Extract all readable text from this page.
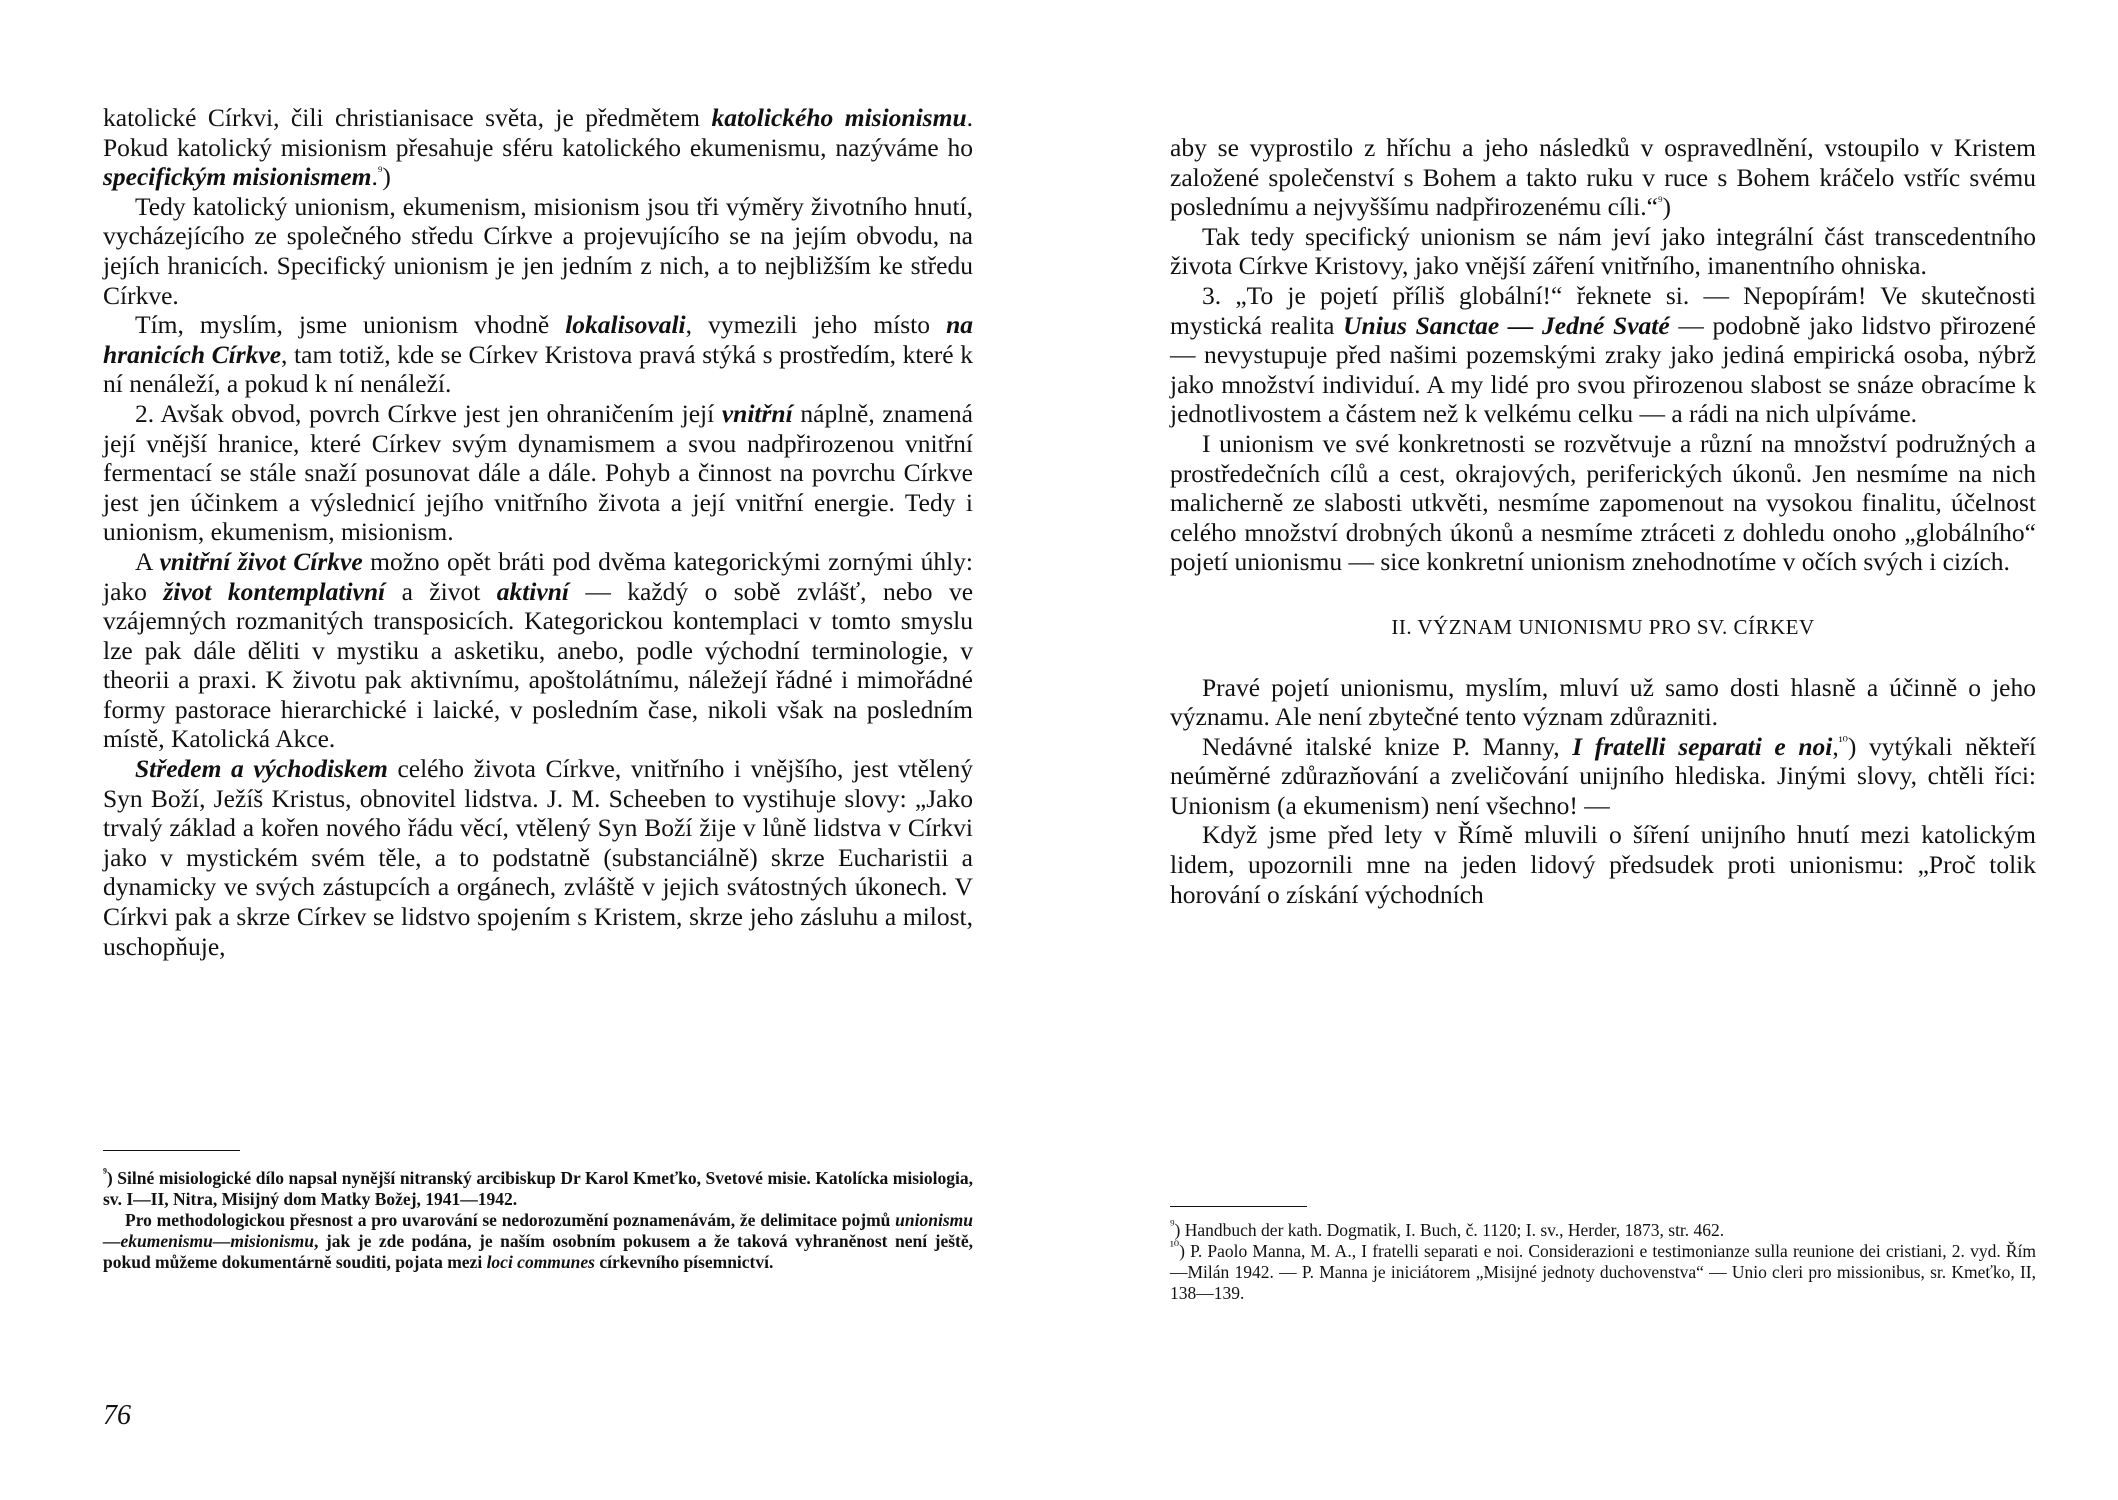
katolické Církvi, čili christianisace světa, je předmětem katolického misionismu. Pokud katolický misionism přesahuje sféru katolického ekumenismu, nazýváme ho specifickým misionismem.$^{^9}$)

Tedy katolický unionism, ekumenism, misionism jsou tři výměry životního hnutí, vycházejícího ze společného středu Církve a projevujícího se na jejím obvodu, na jejích hranicích. Specifický unionism je jen jedním z nich, a to nejbližším ke středu Církve.

Tím, myslím, jsme unionism vhodně lokalisovali, vymezili jeho místo na hranicích Církve, tam totiž, kde se Církev Kristova pravá stýká s prostředím, které k ní nenáleží, a pokud k ní nenáleží.

2. Avšak obvod, povrch Církve jest jen ohraničením její vnitřní náplně, znamená její vnější hranice, které Církev svým dynamismem a svou nadpřirozenou vnitřní fermentací se stále snaží posunovat dále a dále. Pohyb a činnost na povrchu Církve jest jen účinkem a výslednicí jejího vnitřního života a její vnitřní energie. Tedy i unionism, ekumenism, misionism.

A vnitřní život Církve možno opět bráti pod dvěma kategorickými zornými úhly: jako život kontemplativní a život aktivní — každý o sobě zvlášť, nebo ve vzájemných rozmanitých transposicích. Kategorickou kontemplaci v tomto smyslu lze pak dále děliti v mystiku a asketiku, anebo, podle východní terminologie, v theorii a praxi. K životu pak aktivnímu, apoštolátnímu, náležejí řádné i mimořádné formy pastorace hierarchické i laické, v posledním čase, nikoli však na posledním místě, Katolická Akce.

Středem a východiskem celého života Církve, vnitřního i vnějšího, jest vtělený Syn Boží, Ježíš Kristus, obnovitel lidstva. J. M. Scheeben to vystihuje slovy: „Jako trvalý základ a kořen nového řádu věcí, vtělený Syn Boží žije v lůně lidstva v Církvi jako v mystickém svém těle, a to podstatně (substanciálně) skrze Eucharistii a dynamicky ve svých zástupcích a orgánech, zvláště v jejich svátostných úkonech. V Církvi pak a skrze Církev se lidstvo spojením s Kristem, skrze jeho zásluhu a milost, uschopňuje,

$^{^9}$) Silné misiologické dílo napsal nynější nitranský arcibiskup Dr Karol Kmeťko, Svetové misie. Katolícka misiologia, sv. I—II, Nitra, Misijný dom Matky Božej, 1941—1942.

Pro methodologickou přesnost a pro uvarování se nedorozumění poznamenávám, že delimitace pojmů unionismu—ekumenismu—misionismu, jak je zde podána, je naším osobním pokusem a že taková vyhraněnost není ještě, pokud můžeme dokumentárně souditi, pojata mezi loci communes církevního písemnictví.

76

aby se vyprostilo z hříchu a jeho následků v ospravedlnění, vstoupilo v Kristem založené společenství s Bohem a takto ruku v ruce s Bohem kráčelo vstříc svému poslednímu a nejvyššímu nadpřirozenému cíli.“$^{^9}$)

Tak tedy specifický unionism se nám jeví jako integrální část transcedentního života Církve Kristovy, jako vnější záření vnitřního, imanentního ohniska.

3. „To je pojetí příliš globální!“ řeknete si. — Nepopírám! Ve skutečnosti mystická realita Unius Sanctae — Jedné Svaté — podobně jako lidstvo přirozené — nevystupuje před našimi pozemskými zraky jako jediná empirická osoba, nýbrž jako množství individuí. A my lidé pro svou přirozenou slabost se snáze obracíme k jednotlivostem a částem než k velkému celku — a rádi na nich ulpíváme.

I unionism ve své konkretnosti se rozvětvuje a různí na množství podružných a prostředečních cílů a cest, okrajových, periferických úkonů. Jen nesmíme na nich malicherně ze slabosti utkvěti, nesmíme zapomenout na vysokou finalitu, účelnost celého množství drobných úkonů a nesmíme ztráceti z dohledu onoho „globálního“ pojetí unionismu — sice konkretní unionism znehodnotíme v očích svých i cizích.

II. VÝZNAM UNIONISMU PRO SV. CÍRKEV

Pravé pojetí unionismu, myslím, mluví už samo dosti hlasně a účinně o jeho významu. Ale není zbytečné tento význam zdůrazniti.

Nedávné italské knize P. Manny, I fratelli separati e noi,$^{^{10}}$) vytýkali někteří neúměrné zdůrazňování a zveličování unijního hlediska. Jinými slovy, chtěli říci: Unionism (a ekumenism) není všechno! —

Když jsme před lety v Římě mluvili o šíření unijního hnutí mezi katolickým lidem, upozornili mne na jeden lidový předsudek proti unionismu: „Proč tolik horování o získání východních

$^{^9}$) Handbuch der kath. Dogmatik, I. Buch, č. 1120; I. sv., Herder, 1873, str. 462.

$^{^{10}}$) P. Paolo Manna, M. A., I fratelli separati e noi. Considerazioni e testimonianze sulla reunione dei cristiani, 2. vyd. Řím—Milán 1942. — P. Manna je iniciátorem „Misijné jednoty duchovenstva“ — Unio cleri pro missionibus, sr. Kmeťko, II, 138—139.
